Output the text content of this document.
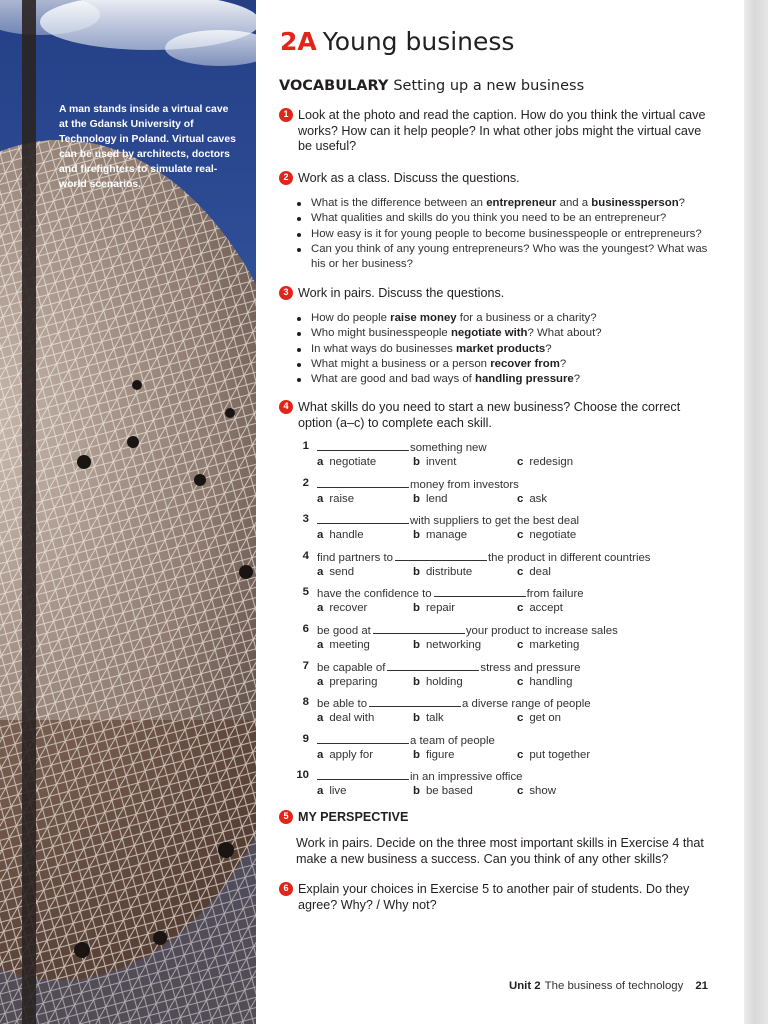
A man stands inside a virtual cave at the Gdansk University of Technology in Poland. Virtual caves can be used by architects, doctors and firefighters to simulate real-world scenarios.
2A Young business
VOCABULARY Setting up a new business
1 Look at the photo and read the caption. How do you think the virtual cave works? How can it help people? In what other jobs might the virtual cave be useful?
2 Work as a class. Discuss the questions.
What is the difference between an entrepreneur and a businessperson?
What qualities and skills do you think you need to be an entrepreneur?
How easy is it for young people to become businesspeople or entrepreneurs?
Can you think of any young entrepreneurs? Who was the youngest? What was his or her business?
3 Work in pairs. Discuss the questions.
How do people raise money for a business or a charity?
Who might businesspeople negotiate with? What about?
In what ways do businesses market products?
What might a business or a person recover from?
What are good and bad ways of handling pressure?
4 What skills do you need to start a new business? Choose the correct option (a–c) to complete each skill.
1	something new
a negotiate	b invent	c redesign
2	money from investors
a raise	b lend	c ask
3	with suppliers to get the best deal
a handle	b manage	c negotiate
4 find partners to	the product in different countries
a send	b distribute	c deal
5 have the confidence to	from failure
a recover	b repair	c accept
6 be good at	your product to increase sales
a meeting	b networking	c marketing
7 be capable of	stress and pressure
a preparing	b holding	c handling
8 be able to	a diverse range of people
a deal with	b talk	c get on
9	a team of people
a apply for	b figure	c put together
10	in an impressive office
a live	b be based	c show
5 MY PERSPECTIVE
Work in pairs. Decide on the three most important skills in Exercise 4 that make a new business a success. Can you think of any other skills?
6 Explain your choices in Exercise 5 to another pair of students. Do they agree? Why? / Why not?
Unit 2 The business of technology 21
